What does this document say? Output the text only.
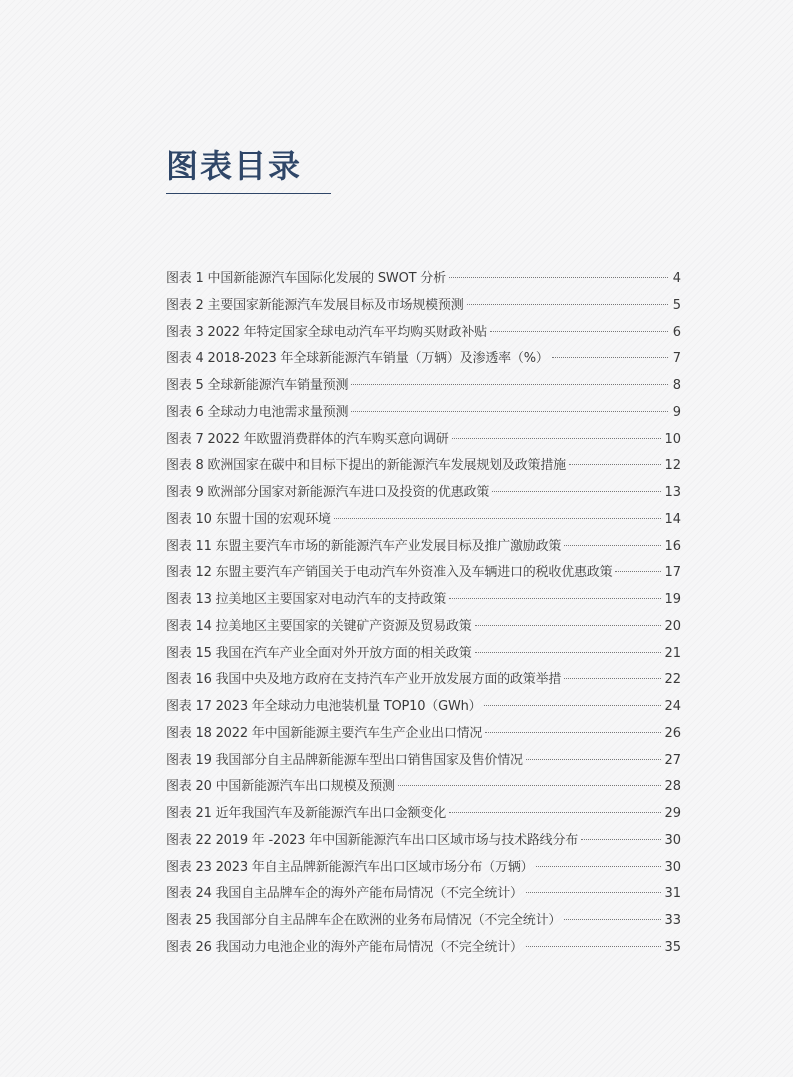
图表目录
图表 1 中国新能源汽车国际化发展的 SWOT 分析	4
图表 2 主要国家新能源汽车发展目标及市场规模预测	5
图表 3 2022 年特定国家全球电动汽车平均购买财政补贴	6
图表 4 2018-2023 年全球新能源汽车销量（万辆）及渗透率（%）	7
图表 5 全球新能源汽车销量预测	8
图表 6 全球动力电池需求量预测	9
图表 7 2022 年欧盟消费群体的汽车购买意向调研	10
图表 8 欧洲国家在碳中和目标下提出的新能源汽车发展规划及政策措施	12
图表 9 欧洲部分国家对新能源汽车进口及投资的优惠政策	13
图表 10 东盟十国的宏观环境	14
图表 11 东盟主要汽车市场的新能源汽车产业发展目标及推广激励政策	16
图表 12 东盟主要汽车产销国关于电动汽车外资准入及车辆进口的税收优惠政策	17
图表 13 拉美地区主要国家对电动汽车的支持政策	19
图表 14 拉美地区主要国家的关键矿产资源及贸易政策	20
图表 15 我国在汽车产业全面对外开放方面的相关政策	21
图表 16 我国中央及地方政府在支持汽车产业开放发展方面的政策举措	22
图表 17 2023 年全球动力电池装机量 TOP10（GWh）	24
图表 18 2022 年中国新能源主要汽车生产企业出口情况	26
图表 19 我国部分自主品牌新能源车型出口销售国家及售价情况	27
图表 20 中国新能源汽车出口规模及预测	28
图表 21 近年我国汽车及新能源汽车出口金额变化	29
图表 22 2019 年 -2023 年中国新能源汽车出口区域市场与技术路线分布	30
图表 23 2023 年自主品牌新能源汽车出口区域市场分布（万辆）	30
图表 24 我国自主品牌车企的海外产能布局情况（不完全统计）	31
图表 25 我国部分自主品牌车企在欧洲的业务布局情况（不完全统计）	33
图表 26 我国动力电池企业的海外产能布局情况（不完全统计）	35
